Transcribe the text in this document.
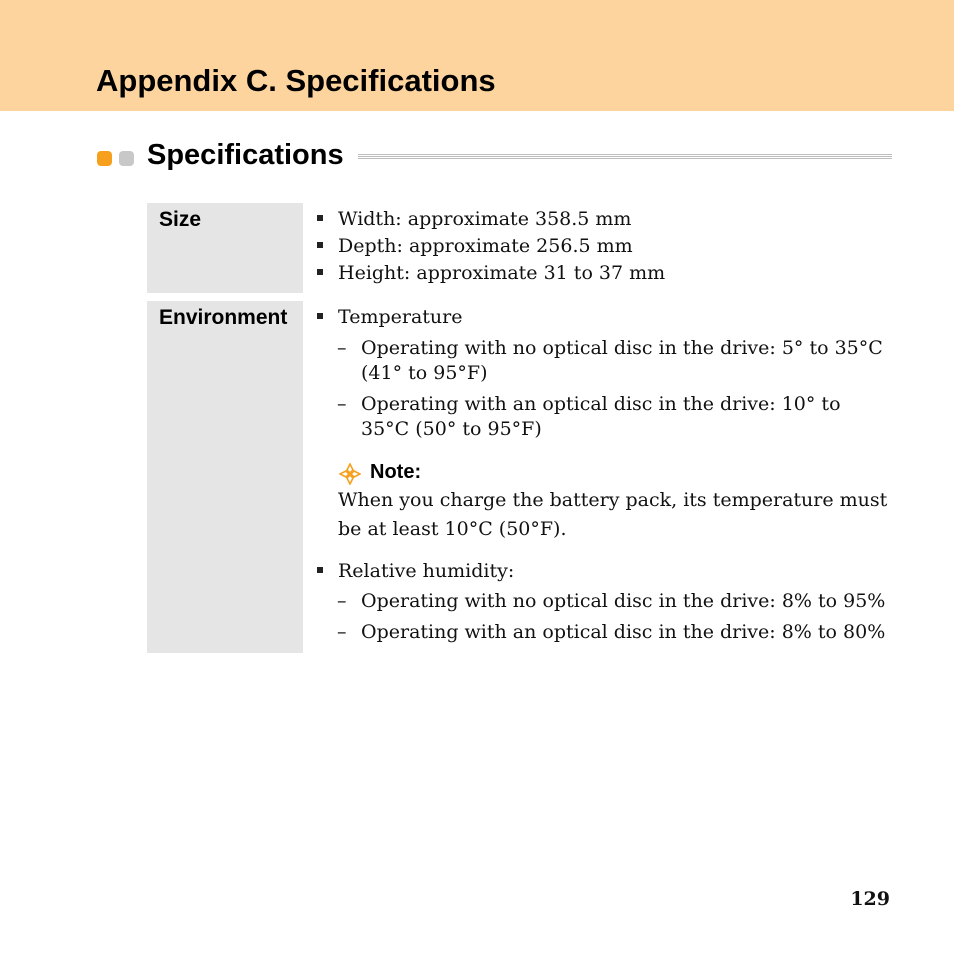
Appendix C. Specifications
Specifications
Size	Width: approximate 358.5 mm
Depth: approximate 256.5 mm
Height: approximate 31 to 37 mm
Environment	Temperature
– Operating with no optical disc in the drive: 5° to 35°C
(41° to 95°F)
– Operating with an optical disc in the drive: 10° to
35°C (50° to 95°F)
Note:
When you charge the battery pack, its temperature must
be at least 10°C (50°F).
Relative humidity:
– Operating with no optical disc in the drive: 8% to 95%
– Operating with an optical disc in the drive: 8% to 80%
129
